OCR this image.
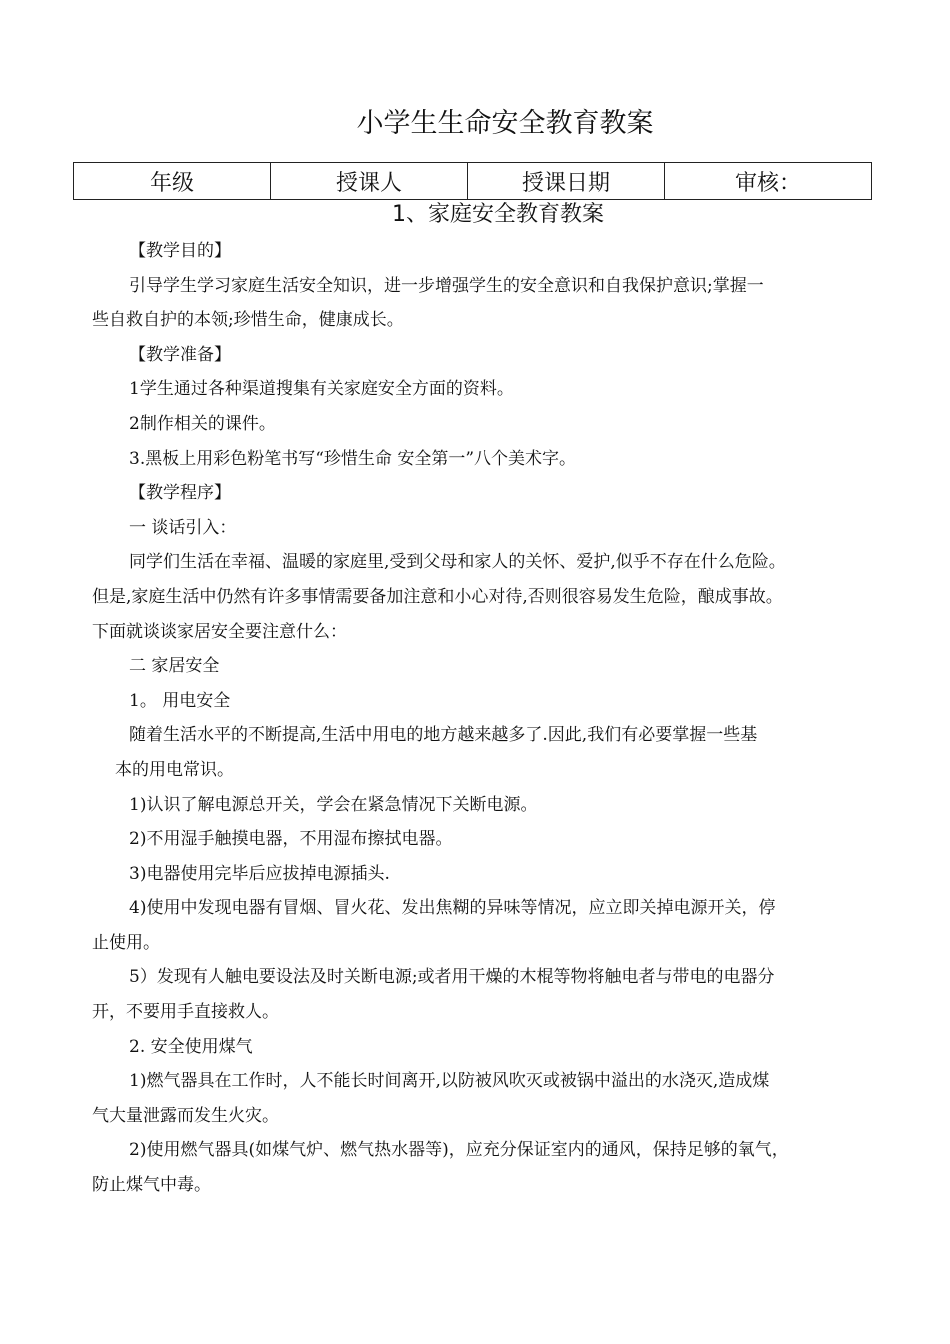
小学生生命安全教育教案
年级	授课人	授课日期	审核：
1、家庭安全教育教案

【教学目的】

引导学生学习家庭生活安全知识，进一步增强学生的安全意识和自我保护意识;掌握一

些自救自护的本领;珍惜生命，健康成长。

【教学准备】

1学生通过各种渠道搜集有关家庭安全方面的资料。

2制作相关的课件。

3.黑板上用彩色粉笔书写“珍惜生命 安全第一”八个美术字。

【教学程序】

一 谈话引入：

同学们生活在幸福、温暖的家庭里,受到父母和家人的关怀、爱护,似乎不存在什么危险。

但是,家庭生活中仍然有许多事情需要备加注意和小心对待,否则很容易发生危险，酿成事故。

下面就谈谈家居安全要注意什么：

二 家居安全

1。 用电安全

随着生活水平的不断提高,生活中用电的地方越来越多了.因此,我们有必要掌握一些基

本的用电常识。

1)认识了解电源总开关，学会在紧急情况下关断电源。

2)不用湿手触摸电器，不用湿布擦拭电器。

3)电器使用完毕后应拔掉电源插头.

4)使用中发现电器有冒烟、冒火花、发出焦糊的异味等情况，应立即关掉电源开关，停

止使用。

5）发现有人触电要设法及时关断电源;或者用干燥的木棍等物将触电者与带电的电器分

开，不要用手直接救人。

2. 安全使用煤气

1)燃气器具在工作时，人不能长时间离开,以防被风吹灭或被锅中溢出的水浇灭,造成煤

气大量泄露而发生火灾。

2)使用燃气器具(如煤气炉、燃气热水器等)，应充分保证室内的通风，保持足够的氧气，

防止煤气中毒。
